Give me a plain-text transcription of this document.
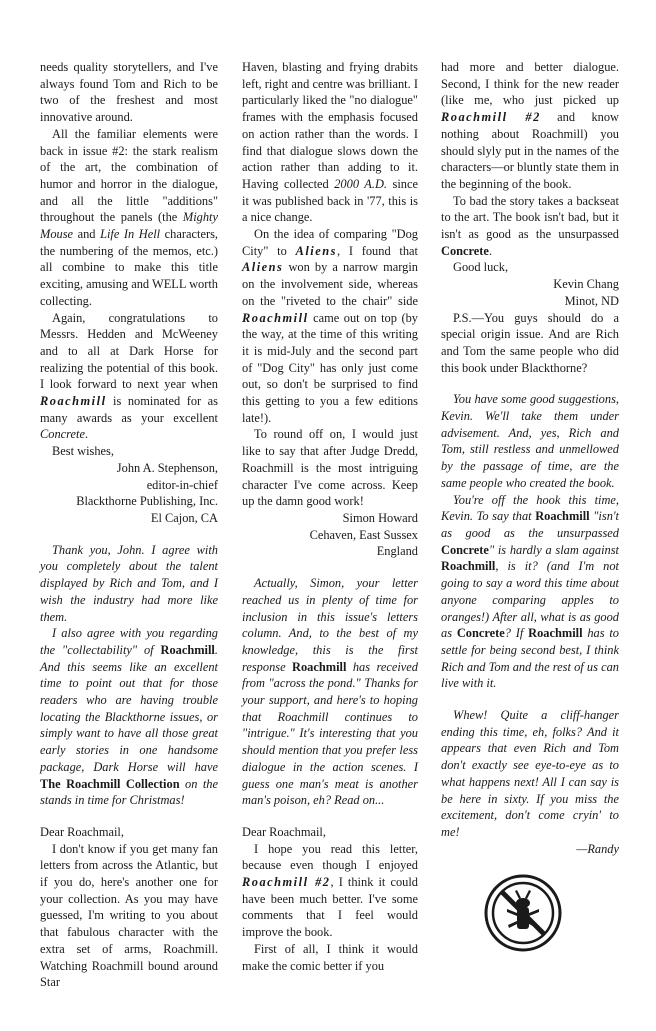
needs quality storytellers, and I've always found Tom and Rich to be two of the freshest and most innovative around.

All the familiar elements were back in issue #2: the stark realism of the art, the combination of humor and horror in the dialogue, and all the little "additions" throughout the panels (the Mighty Mouse and Life In Hell characters, the numbering of the memos, etc.) all combine to make this title exciting, amusing and WELL worth collecting.

Again, congratulations to Messrs. Hedden and McWeeney and to all at Dark Horse for realizing the potential of this book. I look forward to next year when Roachmill is nominated for as many awards as your excellent Concrete.

Best wishes,

John A. Stephenson,

editor-in-chief

Blackthorne Publishing, Inc.

El Cajon, CA

Thank you, John. I agree with you completely about the talent displayed by Rich and Tom, and I wish the industry had more like them.

I also agree with you regarding the "collectability" of Roachmill. And this seems like an excellent time to point out that for those readers who are having trouble locating the Blackthorne issues, or simply want to have all those great early stories in one handsome package, Dark Horse will have The Roachmill Collection on the stands in time for Christmas!

Dear Roachmail,

I don't know if you get many fan letters from across the Atlantic, but if you do, here's another one for your collection. As you may have guessed, I'm writing to you about that fabulous character with the extra set of arms, Roachmill. Watching Roachmill bound around Star

Haven, blasting and frying drabits left, right and centre was brilliant. I particularly liked the "no dialogue" frames with the emphasis focused on action rather than the words. I find that dialogue slows down the action rather than adding to it. Having collected 2000 A.D. since it was published back in '77, this is a nice change.

On the idea of comparing "Dog City" to Aliens, I found that Aliens won by a narrow margin on the involvement side, whereas on the "riveted to the chair" side Roachmill came out on top (by the way, at the time of this writing it is mid-July and the second part of "Dog City" has only just come out, so don't be surprised to find this getting to you a few editions late!).

To round off on, I would just like to say that after Judge Dredd, Roachmill is the most intriguing character I've come across. Keep up the damn good work!

Simon Howard

Cehaven, East Sussex

England

Actually, Simon, your letter reached us in plenty of time for inclusion in this issue's letters column. And, to the best of my knowledge, this is the first response Roachmill has received from "across the pond." Thanks for your support, and here's to hoping that Roachmill continues to "intrigue." It's interesting that you should mention that you prefer less dialogue in the action scenes. I guess one man's meat is another man's poison, eh? Read on...

Dear Roachmail,

I hope you read this letter, because even though I enjoyed Roachmill #2, I think it could have been much better. I've some comments that I feel would improve the book.

First of all, I think it would make the comic better if you

had more and better dialogue. Second, I think for the new reader (like me, who just picked up Roachmill #2 and know nothing about Roachmill) you should slyly put in the names of the characters—or bluntly state them in the beginning of the book.

To bad the story takes a backseat to the art. The book isn't bad, but it isn't as good as the unsurpassed Concrete.

Good luck,

Kevin Chang

Minot, ND

P.S.—You guys should do a special origin issue. And are Rich and Tom the same people who did this book under Blackthorne?

You have some good suggestions, Kevin. We'll take them under advisement. And, yes, Rich and Tom, still restless and unmellowed by the passage of time, are the same people who created the book.

You're off the hook this time, Kevin. To say that Roachmill "isn't as good as the unsurpassed Concrete" is hardly a slam against Roachmill, is it? (and I'm not going to say a word this time about anyone comparing apples to oranges!) After all, what is as good as Concrete? If Roachmill has to settle for being second best, I think Rich and Tom and the rest of us can live with it.

Whew! Quite a cliff-hanger ending this time, eh, folks? And it appears that even Rich and Tom don't exactly see eye-to-eye as to what happens next! All I can say is be here in sixty. If you miss the excitement, don't come cryin' to me!

—Randy
